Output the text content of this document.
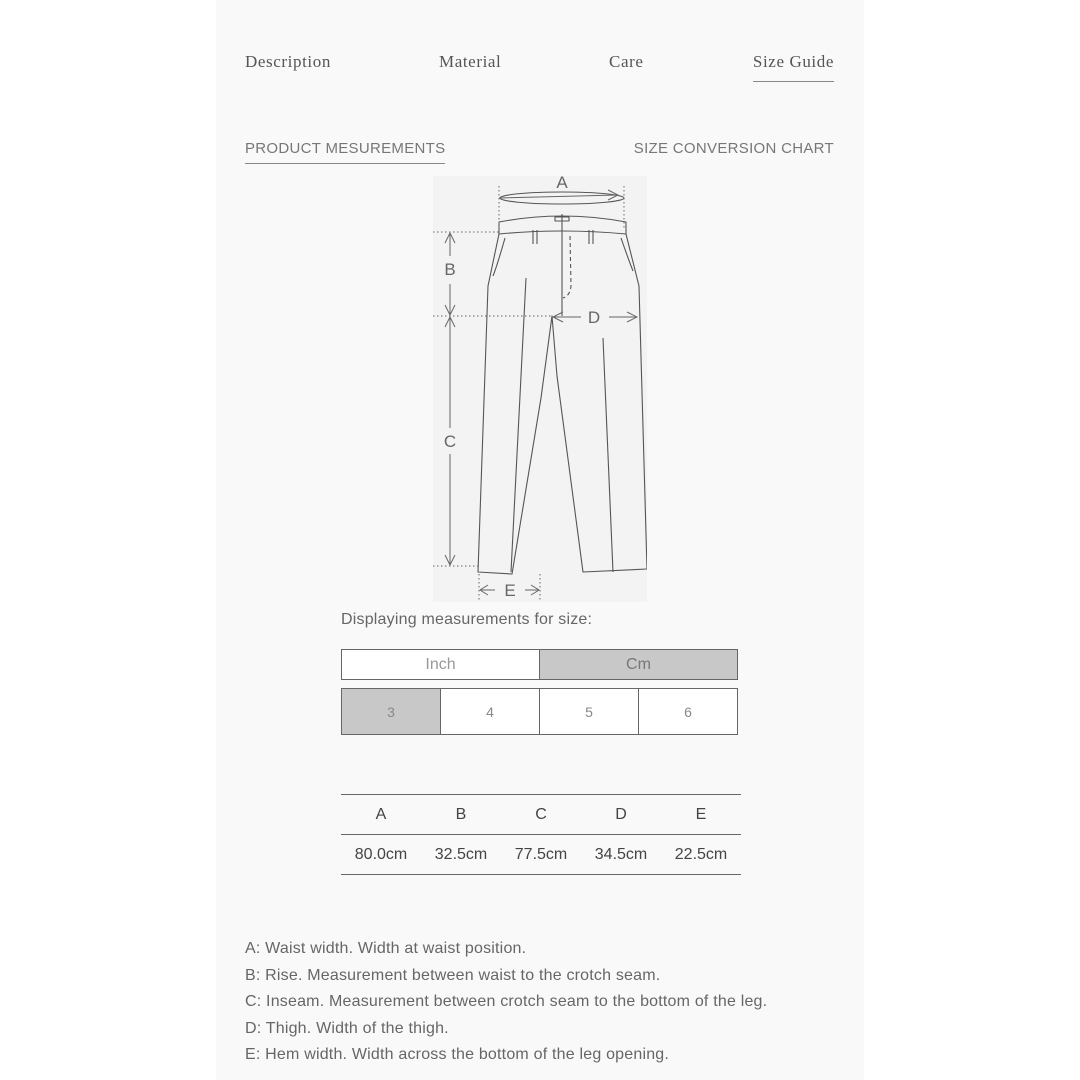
Description	Material	Care	Size Guide
PRODUCT MESUREMENTS	SIZE CONVERSION CHART
A
B
C
D
E
Displaying measurements for size:
Inch	Cm
3	4	5	6
A	B	C	D	E
80.0cm	32.5cm	77.5cm	34.5cm	22.5cm
A: Waist width. Width at waist position.
B: Rise. Measurement between waist to the crotch seam.
C: Inseam. Measurement between crotch seam to the bottom of the leg.
D: Thigh. Width of the thigh.
E: Hem width. Width across the bottom of the leg opening.
